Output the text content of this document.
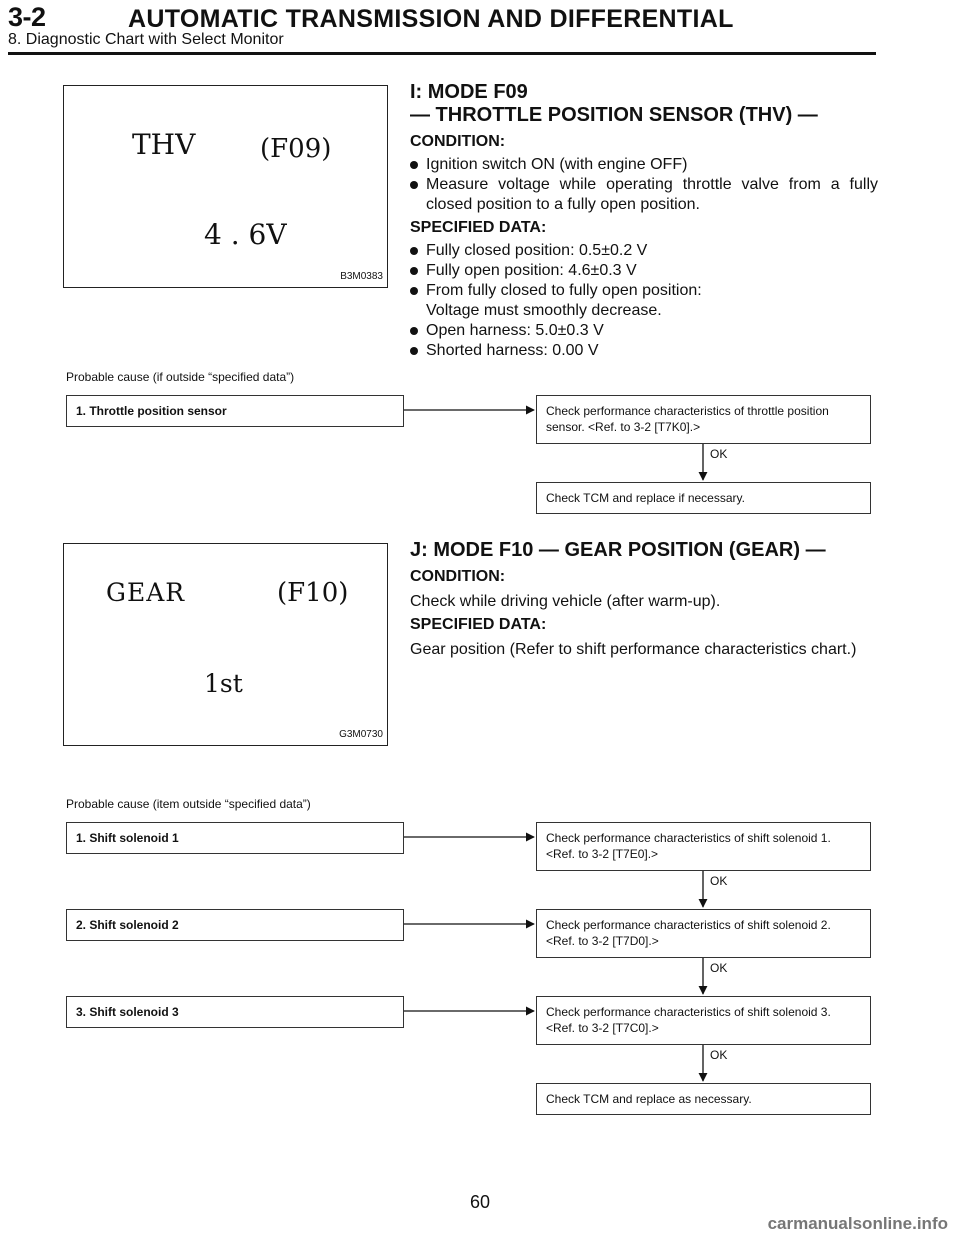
3-2	AUTOMATIC TRANSMISSION AND DIFFERENTIAL
8. Diagnostic Chart with Select Monitor
THV (F09)
4 . 6V
B3M0383
I: MODE F09
— THROTTLE POSITION SENSOR (THV) —
CONDITION:
Ignition switch ON (with engine OFF)
Measure voltage while operating throttle valve from a fully closed position to a fully open position.
SPECIFIED DATA:
Fully closed position: 0.5±0.2 V
Fully open position: 4.6±0.3 V
From fully closed to fully open position:
Voltage must smoothly decrease.
Open harness: 5.0±0.3 V
Shorted harness: 0.00 V
Probable cause (if outside “specified data”)
1. Throttle position sensor	Check performance characteristics of throttle position sensor. <Ref. to 3-2 [T7K0].>
OK
Check TCM and replace if necessary.
GEAR	(F10)
1st
G3M0730
J: MODE F10 — GEAR POSITION (GEAR) —
CONDITION:
Check while driving vehicle (after warm-up).
SPECIFIED DATA:
Gear position (Refer to shift performance characteristics chart.)
Probable cause (item outside “specified data”)
1. Shift solenoid 1	Check performance characteristics of shift solenoid 1. <Ref. to 3-2 [T7E0].>
OK
2. Shift solenoid 2	Check performance characteristics of shift solenoid 2. <Ref. to 3-2 [T7D0].>
OK
3. Shift solenoid 3	Check performance characteristics of shift solenoid 3. <Ref. to 3-2 [T7C0].>
OK
Check TCM and replace as necessary.
60
carmanualsonline.info
